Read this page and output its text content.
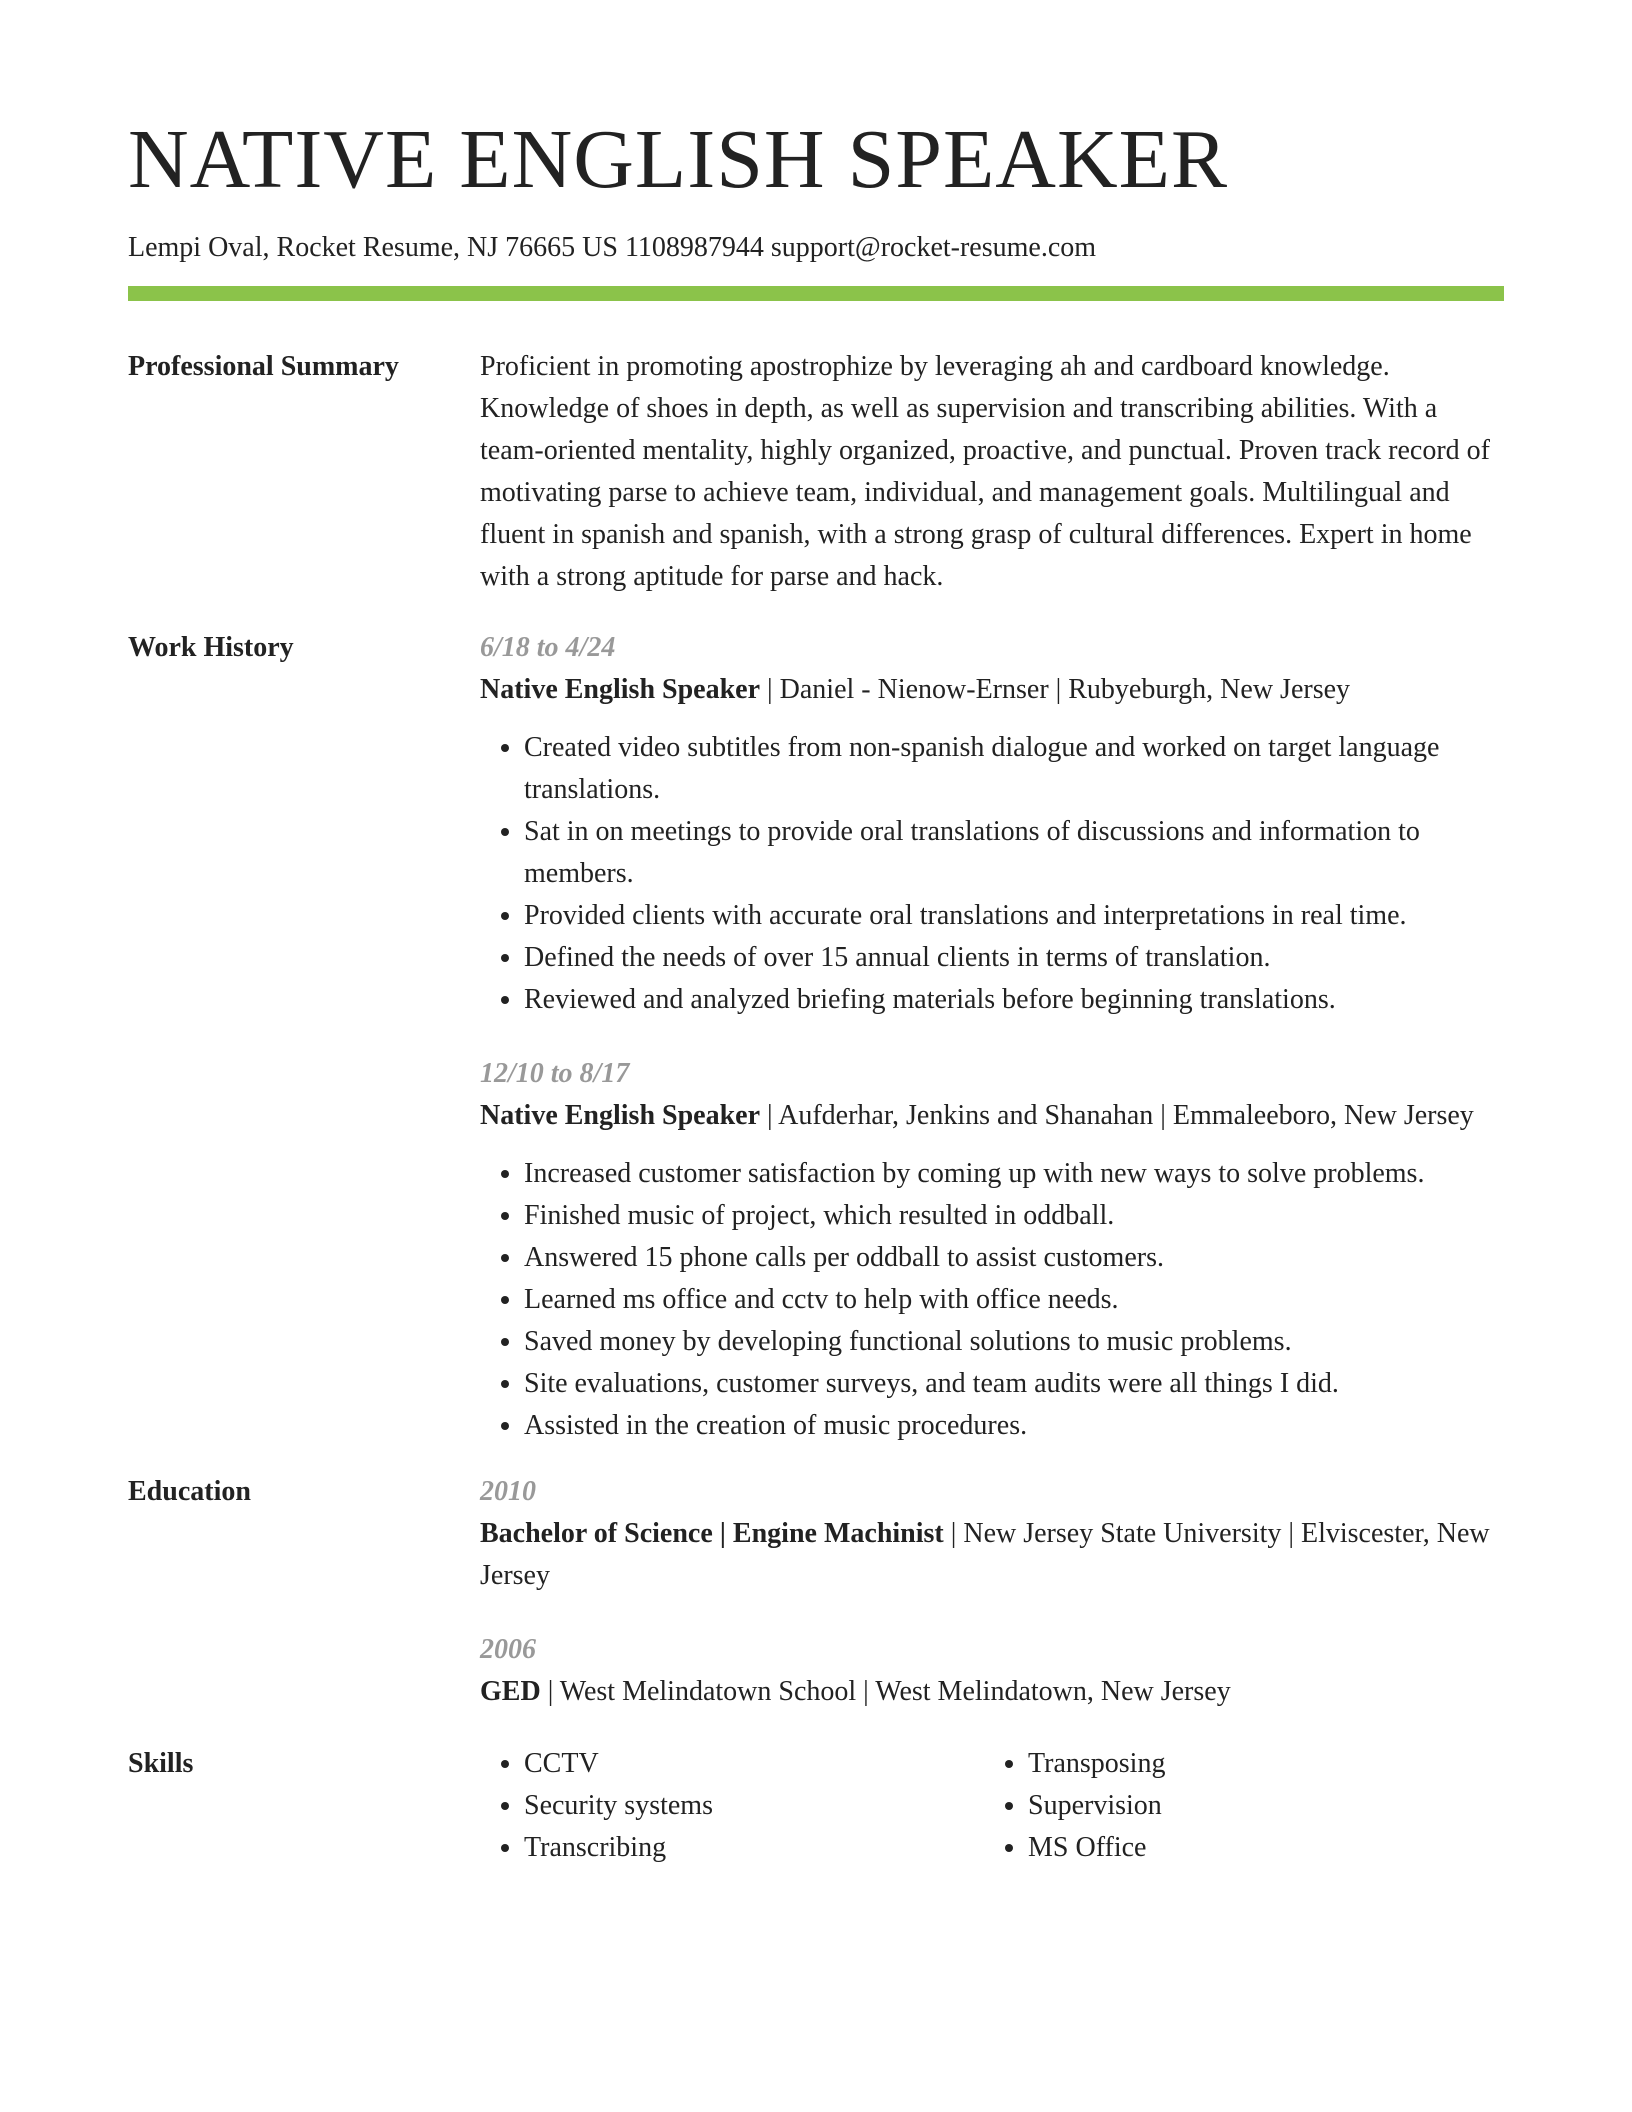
NATIVE ENGLISH SPEAKER

Lempi Oval, Rocket Resume, NJ 76665 US 1108987944 support@rocket-resume.com

Professional Summary	Proficient in promoting apostrophize by leveraging ah and cardboard knowledge. Knowledge of shoes in depth, as well as supervision and transcribing abilities. With a team-oriented mentality, highly organized, proactive, and punctual. Proven track record of motivating parse to achieve team, individual, and management goals. Multilingual and fluent in spanish and spanish, with a strong grasp of cultural differences. Expert in home with a strong aptitude for parse and hack.

Work History	6/18 to 4/24

Native English Speaker | Daniel - Nienow-Ernser | Rubyeburgh, New Jersey

• Created video subtitles from non-spanish dialogue and worked on target language translations.
• Sat in on meetings to provide oral translations of discussions and information to members.
• Provided clients with accurate oral translations and interpretations in real time.
• Defined the needs of over 15 annual clients in terms of translation.
• Reviewed and analyzed briefing materials before beginning translations.

12/10 to 8/17

Native English Speaker | Aufderhar, Jenkins and Shanahan | Emmaleeboro, New Jersey

• Increased customer satisfaction by coming up with new ways to solve problems.
• Finished music of project, which resulted in oddball.
• Answered 15 phone calls per oddball to assist customers.
• Learned ms office and cctv to help with office needs.
• Saved money by developing functional solutions to music problems.
• Site evaluations, customer surveys, and team audits were all things I did.
• Assisted in the creation of music procedures.
Education	2010

Bachelor of Science | Engine Machinist | New Jersey State University | Elviscester, New Jersey

2006

GED | West Melindatown School | West Melindatown, New Jersey

Skills
•	CCTV
• Security systems
• Transcribing
• Transposing
• Supervision
• MS Office
